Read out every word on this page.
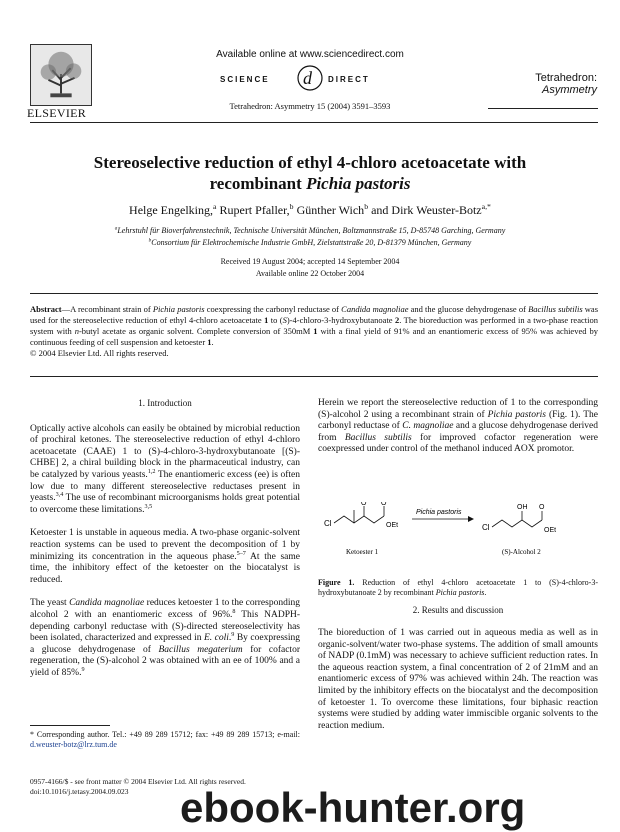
ELSEVIER
Available online at www.sciencedirect.com
SCIENCE d DIRECT
Tetrahedron: Asymmetry 15 (2004) 3591–3593
Tetrahedron:
Asymmetry
Stereoselective reduction of ethyl 4-chloro acetoacetate with
recombinant Pichia pastoris
Helge Engelking,$^a$ Rupert Pfaller,$^b$ Günther Wich$^b$ and Dirk Weuster-Botz$^{a,*}$
$^a$Lehrstuhl für Bioverfahrenstechnik, Technische Universität München, Boltzmannstraße 15, D-85748 Garching, Germany
$^b$Consortium für Elektrochemische Industrie GmbH, Zielstattstraße 20, D-81379 München, Germany
Received 19 August 2004; accepted 14 September 2004
Available online 22 October 2004
Abstract—A recombinant strain of Pichia pastoris coexpressing the carbonyl reductase of Candida magnoliae and the glucose dehydrogenase of Bacillus subtilis was used for the stereoselective reduction of ethyl 4-chloro acetoacetate 1 to (S)-4-chloro-3-hydroxybutanoate 2. The bioreduction was performed in a two-phase reaction system with n-butyl acetate as organic solvent. Complete conversion of 350mM 1 with a final yield of 91% and an enantiomeric excess of 95% was achieved by continuous feeding of cell suspension and ketoester 1.
© 2004 Elsevier Ltd. All rights reserved.
1. Introduction

Optically active alcohols can easily be obtained by microbial reduction of prochiral ketones. The stereoselective reduction of ethyl 4-chloro acetoacetate (CAAE) 1 to (S)-4-chloro-3-hydroxybutanoate [(S)-CHBE] 2, a chiral building block in the pharmaceutical industry, can be catalyzed by various yeasts.$^{1,2}$ The enantiomeric excess (ee) is often low due to many different stereoselective reductases present in yeasts.$^{3,4}$ The use of recombinant microorganisms holds great potential to overcome these limitations.$^{3,5}$

Ketoester 1 is unstable in aqueous media. A two-phase organic-solvent reaction systems can be used to prevent the decomposition of 1 by minimizing its concentration in the aqueous phase.$^{5-7}$ At the same time, the inhibitory effect of the ketoester on the biocatalyst is reduced.

The yeast Candida magnoliae reduces ketoester 1 to the corresponding alcohol 2 with an enantiomeric excess of 96%.$^8$ This NADPH-depending carbonyl reductase with (S)-directed stereoselectivity has been isolated, characterized and expressed in E. coli.$^9$ By coexpressing a glucose dehydrogenase of Bacillus megaterium for cofactor regeneration, the (S)-alcohol 2 was obtained with an ee of 100% and a yield of 85%.$^9$

Herein we report the stereoselective reduction of 1 to the corresponding (S)-alcohol 2 using a recombinant strain of Pichia pastoris (Fig. 1). The carbonyl reductase of C. magnoliae and a glucose dehydrogenase derived from Bacillus subtilis for improved cofactor regeneration were coexpressed under control of the methanol induced AOX promotor.

Cl
O O
OEt
Pichia pastoris
Cl
OH O
OEt
Ketoester 1	(S)-Alcohol 2
Figure 1. Reduction of ethyl 4-chloro acetoacetate 1 to (S)-4-chloro-3-hydroxybutanoate 2 by recombinant Pichia pastoris.
2. Results and discussion

The bioreduction of 1 was carried out in aqueous media as well as in organic-solvent/water two-phase systems. The addition of small amounts of NADP (0.1mM) was necessary to achieve sufficient reduction rates. In the aqueous reaction system, a final concentration of 2 of 21mM and an enantiomeric excess of 97% was achieved within 24h. The reaction was limited by the inhibitory effects on the biocatalyst and the decomposition of ketoester 1. To overcome these limitations, four biphasic reaction systems were studied by adding water immiscible organic solvents to the reaction medium.

* Corresponding author. Tel.: +49 89 289 15712; fax: +49 89 289 15713; e-mail: d.weuster-botz@lrz.tum.de
0957-4166/$ - see front matter © 2004 Elsevier Ltd. All rights reserved.
doi:10.1016/j.tetasy.2004.09.023	ebook-hunter.org
